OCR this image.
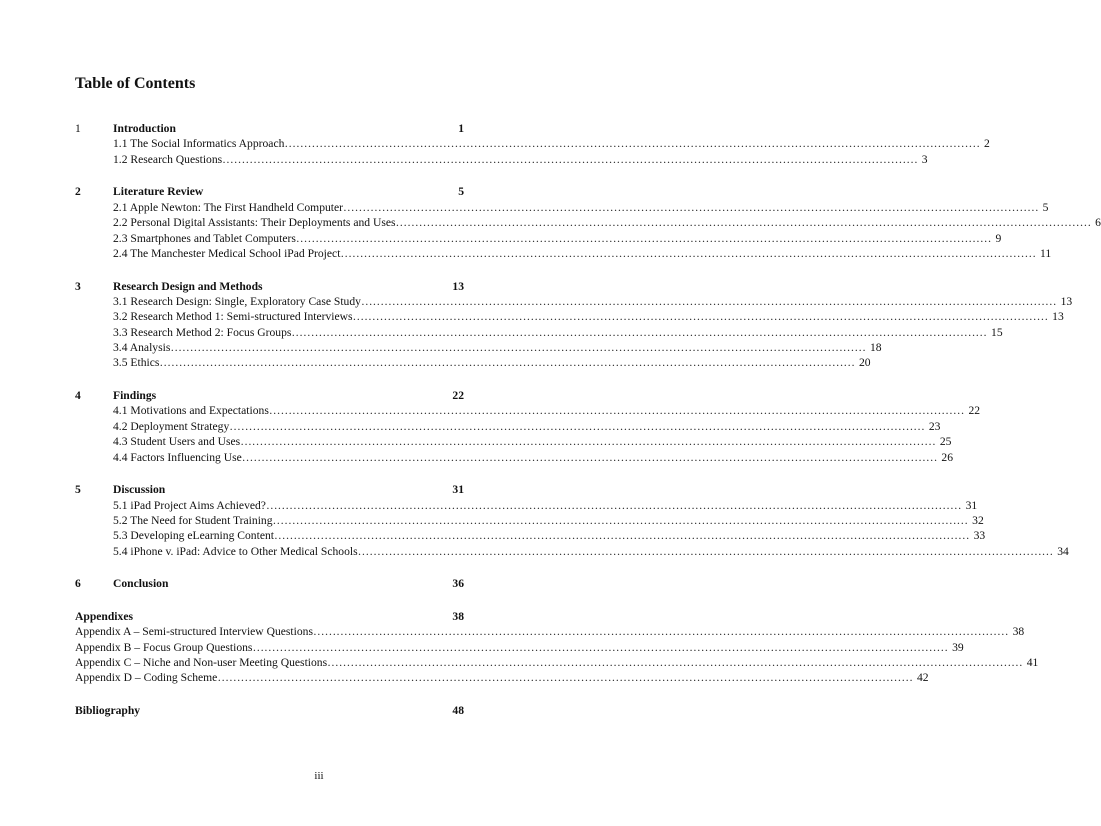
Table of Contents
1	Introduction	1
1.1 The Social Informatics Approach ……………………………………………………………………………………………………………………………………………………………… 2
1.2 Research Questions ……………………………………………………………………………………………………………………………………………………………… 3
2	Literature Review	5
2.1 Apple Newton: The First Handheld Computer ……………………………………………………………………………………………………………………………………………………………… 5
2.2 Personal Digital Assistants: Their Deployments and Uses ……………………………………………………………………………………………………………………………………………………………… 6
2.3 Smartphones and Tablet Computers ……………………………………………………………………………………………………………………………………………………………… 9
2.4 The Manchester Medical School iPad Project ……………………………………………………………………………………………………………………………………………………………… 11
3	Research Design and Methods	13
3.1 Research Design: Single, Exploratory Case Study ……………………………………………………………………………………………………………………………………………………………… 13
3.2 Research Method 1: Semi-structured Interviews ……………………………………………………………………………………………………………………………………………………………… 13
3.3 Research Method 2: Focus Groups ……………………………………………………………………………………………………………………………………………………………… 15
3.4 Analysis ……………………………………………………………………………………………………………………………………………………………… 18
3.5 Ethics ……………………………………………………………………………………………………………………………………………………………… 20
4	Findings	22
4.1 Motivations and Expectations ……………………………………………………………………………………………………………………………………………………………… 22
4.2 Deployment Strategy ……………………………………………………………………………………………………………………………………………………………… 23
4.3 Student Users and Uses ……………………………………………………………………………………………………………………………………………………………… 25
4.4 Factors Influencing Use ……………………………………………………………………………………………………………………………………………………………… 26
5	Discussion	31
5.1 iPad Project Aims Achieved? ……………………………………………………………………………………………………………………………………………………………… 31
5.2 The Need for Student Training ……………………………………………………………………………………………………………………………………………………………… 32
5.3 Developing eLearning Content ……………………………………………………………………………………………………………………………………………………………… 33
5.4 iPhone v. iPad: Advice to Other Medical Schools ……………………………………………………………………………………………………………………………………………………………… 34
6	Conclusion	36
Appendixes	38
Appendix A – Semi-structured Interview Questions ……………………………………………………………………………………………………………………………………………………………… 38
Appendix B – Focus Group Questions ……………………………………………………………………………………………………………………………………………………………… 39
Appendix C – Niche and Non-user Meeting Questions ……………………………………………………………………………………………………………………………………………………………… 41
Appendix D – Coding Scheme ……………………………………………………………………………………………………………………………………………………………… 42
Bibliography	48
iii
